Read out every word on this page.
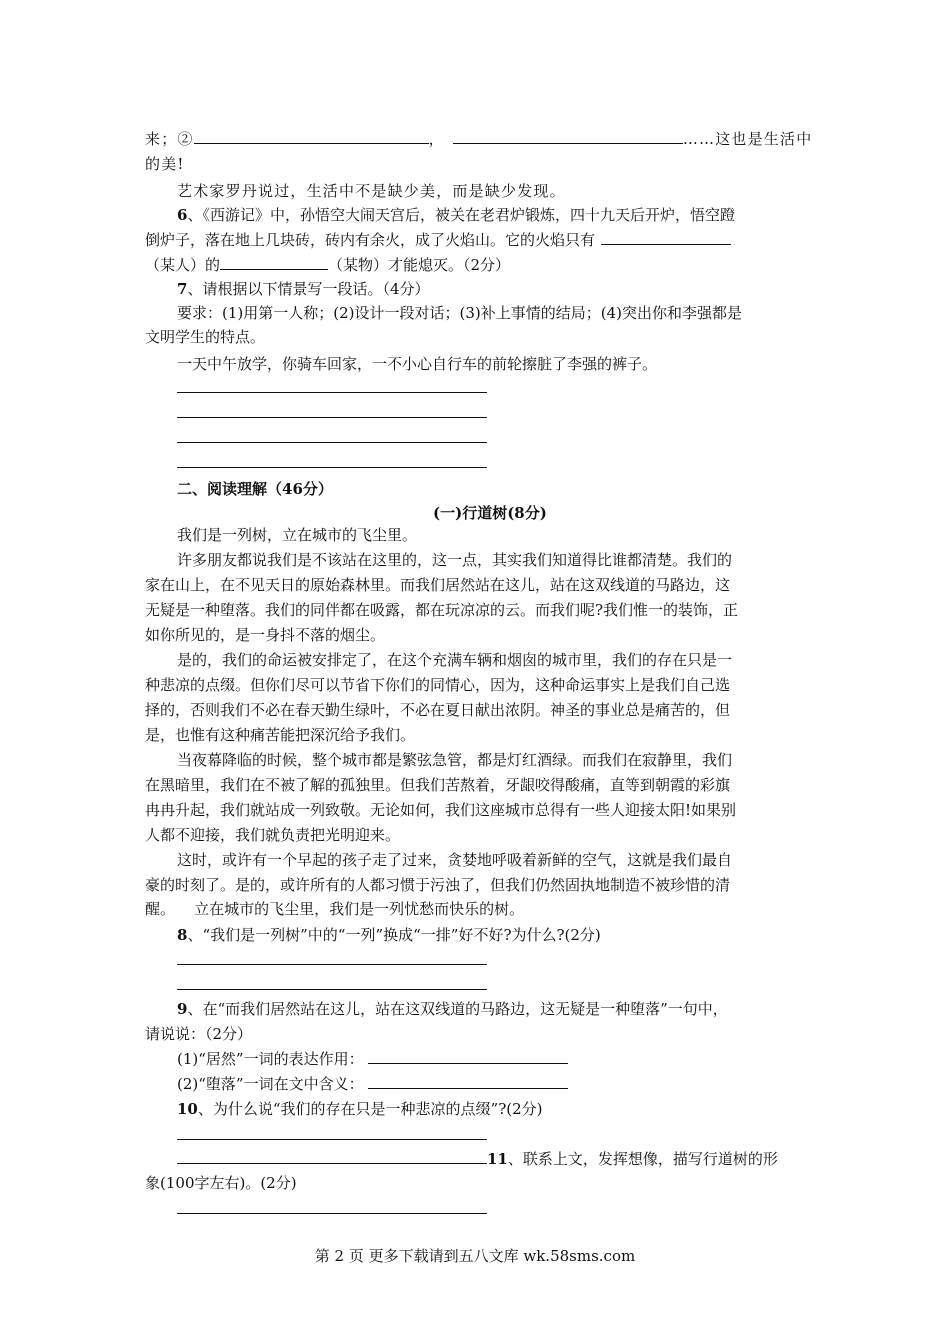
来；②	，	……这也是生活中
的美!
艺术家罗丹说过，生活中不是缺少美，而是缺少发现。
6、《西游记》中，孙悟空大闹天宫后，被关在老君炉锻炼，四十九天后开炉，悟空蹬
倒炉子，落在地上几块砖，砖内有余火，成了火焰山。它的火焰只有
（某人）的	（某物）才能熄灭。（2分）
7、请根据以下情景写一段话。（4分）
要求：(1)用第一人称；(2)设计一段对话；(3)补上事情的结局；(4)突出你和李强都是
文明学生的特点。
一天中午放学，你骑车回家，一不小心自行车的前轮擦脏了李强的裤子。
二、阅读理解（46分）
(一)行道树(8分)
我们是一列树，立在城市的飞尘里。
许多朋友都说我们是不该站在这里的，这一点，其实我们知道得比谁都清楚。我们的
家在山上，在不见天日的原始森林里。而我们居然站在这儿，站在这双线道的马路边，这
无疑是一种堕落。我们的同伴都在吸露，都在玩凉凉的云。而我们呢?我们惟一的装饰，正
如你所见的，是一身抖不落的烟尘。
是的，我们的命运被安排定了，在这个充满车辆和烟囱的城市里，我们的存在只是一
种悲凉的点缀。但你们尽可以节省下你们的同情心，因为，这种命运事实上是我们自己选
择的，否则我们不必在春天勤生绿叶，不必在夏日献出浓阴。神圣的事业总是痛苦的，但
是，也惟有这种痛苦能把深沉给予我们。
当夜幕降临的时候，整个城市都是繁弦急管，都是灯红酒绿。而我们在寂静里，我们
在黑暗里，我们在不被了解的孤独里。但我们苦熬着，牙龈咬得酸痛，直等到朝霞的彩旗
冉冉升起，我们就站成一列致敬。无论如何，我们这座城市总得有一些人迎接太阳!如果别
人都不迎接，我们就负责把光明迎来。
这时，或许有一个早起的孩子走了过来，贪婪地呼吸着新鲜的空气，这就是我们最自
豪的时刻了。是的，或许所有的人都习惯于污浊了，但我们仍然固执地制造不被珍惜的清
醒。    立在城市的飞尘里，我们是一列忧愁而快乐的树。
8、“我们是一列树”中的“一列”换成“一排”好不好?为什么?(2分)
9、在“而我们居然站在这儿，站在这双线道的马路边，这无疑是一种堕落”一句中，
请说说：（2分）
(1)“居然”一词的表达作用：
(2)“堕落”一词在文中含义：
10、为什么说“我们的存在只是一种悲凉的点缀”?(2分)
11、联系上文，发挥想像，描写行道树的形
象(100字左右)。(2分)
第 2 页 更多下载请到五八文库 wk.58sms.com
